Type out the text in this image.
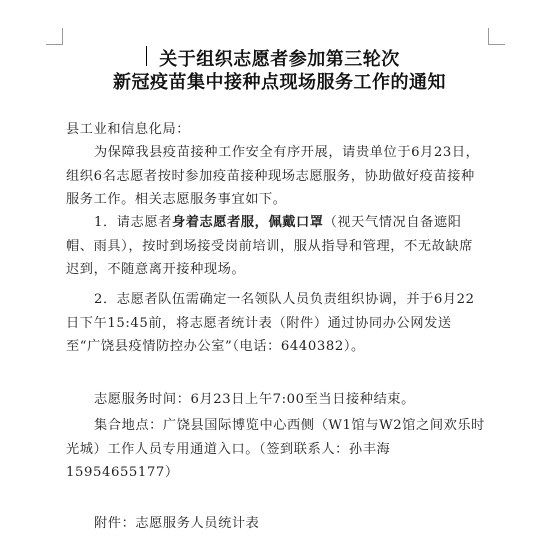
关于组织志愿者参加第三轮次
新冠疫苗集中接种点现场服务工作的通知
县工业和信息化局：
为保障我县疫苗接种工作安全有序开展，请贵单位于6月23日，组织6名志愿者按时参加疫苗接种现场志愿服务，协助做好疫苗接种服务工作。相关志愿服务事宜如下。
1．请志愿者身着志愿者服，佩戴口罩（视天气情况自备遮阳帽、雨具），按时到场接受岗前培训，服从指导和管理，不无故缺席迟到，不随意离开接种现场。
2．志愿者队伍需确定一名领队人员负责组织协调，并于6月22日下午15:45前，将志愿者统计表（附件）通过协同办公网发送至“广饶县疫情防控办公室”（电话：6440382）。
志愿服务时间：6月23日上午7:00至当日接种结束。
集合地点：广饶县国际博览中心西侧（W1馆与W2馆之间欢乐时光城）工作人员专用通道入口。（签到联系人：孙丰海15954655177）
附件：志愿服务人员统计表
